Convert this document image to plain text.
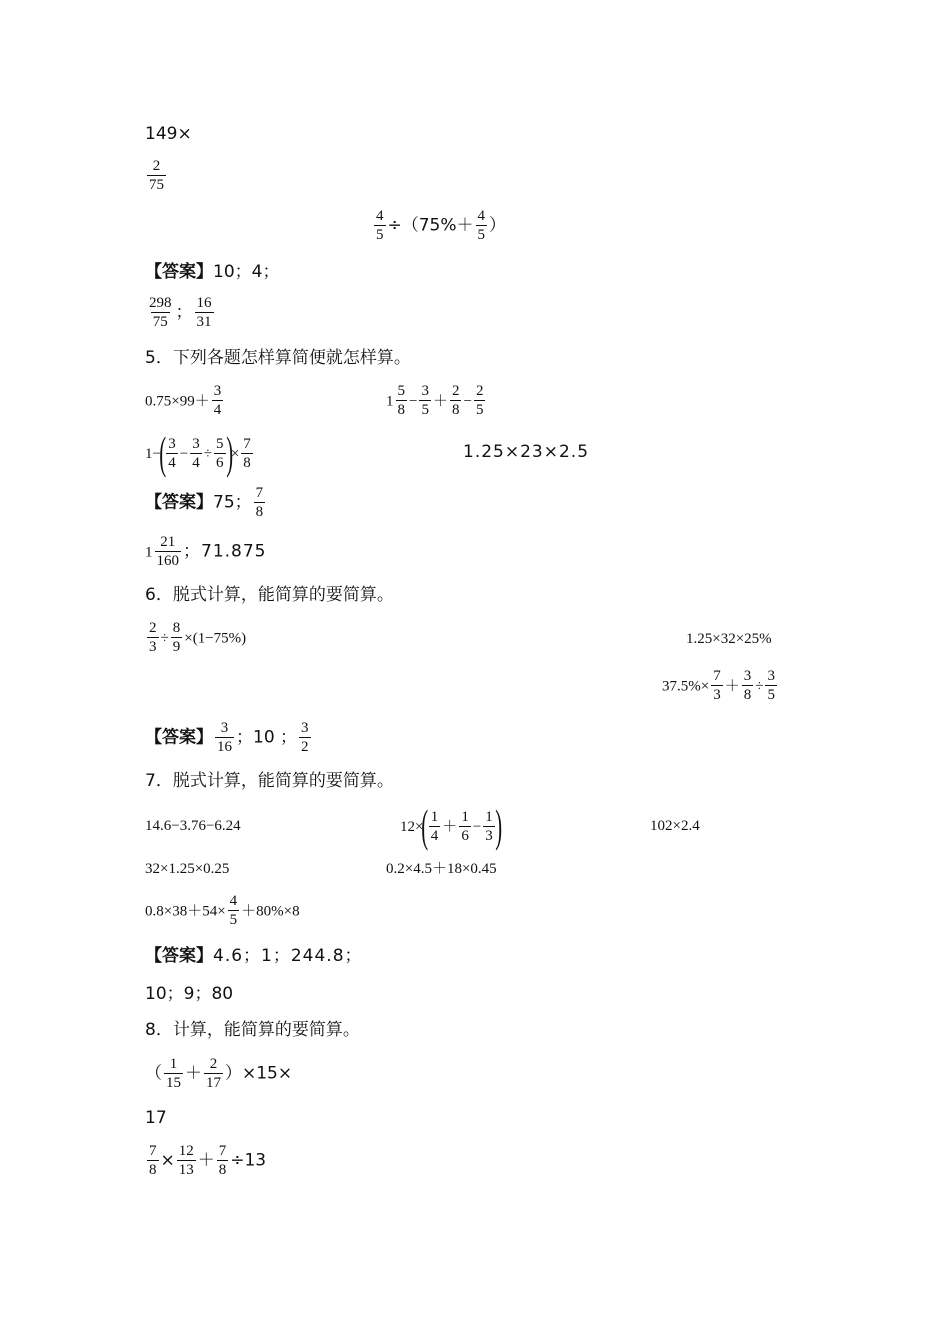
149×
$\frac{2}{75}$
$\frac{4}{5} \div(75\%+ \frac{4}{5}$ ）
【答案】10；4；
$\frac{298}{75}$ ； $\frac{16}{31}$
5．下列各题怎样算简便就怎样算。
$0.75\times 99+ \frac{3}{4}$	$1 \frac{5}{8} - \frac{3}{5} + \frac{2}{8} - \frac{2}{5}$
$1-( \frac{3}{4} - \frac{3}{4} \div \frac{5}{6}$ )× $\frac{7}{8}$	1.25×23×2.5
【答案】75； $\frac{7}{8}$
$1 \frac{21}{160}$ ；71.875
6．脱式计算，能简算的要简算。
$\frac{2}{3} \div \frac{8}{9} \times(1-75\%)$	1.25×32×25%
$37.5\%\times \frac{7}{3} + \frac{3}{8} \div \frac{3}{5}$
【答案】 $\frac{3}{16}$ ；10 ； $\frac{3}{2}$
7．脱式计算，能简算的要简算。
14.6−3.76−6.24	$12\times( \frac{1}{4} + \frac{1}{6} - \frac{1}{3}$ )	102×2.4
32×1.25×0.25	0.2×4.5＋18×0.45
$0.8\times 38+54\times \frac{4}{5} +80\%\times 8$
【答案】4.6；1；244.8；
10；9；80
8．计算，能简算的要简算。
（ $\frac{1}{15} + \frac{2}{17} )\times 15\times$
17
$\frac{7}{8} \times \frac{12}{13} + \frac{7}{8} \div 13$
